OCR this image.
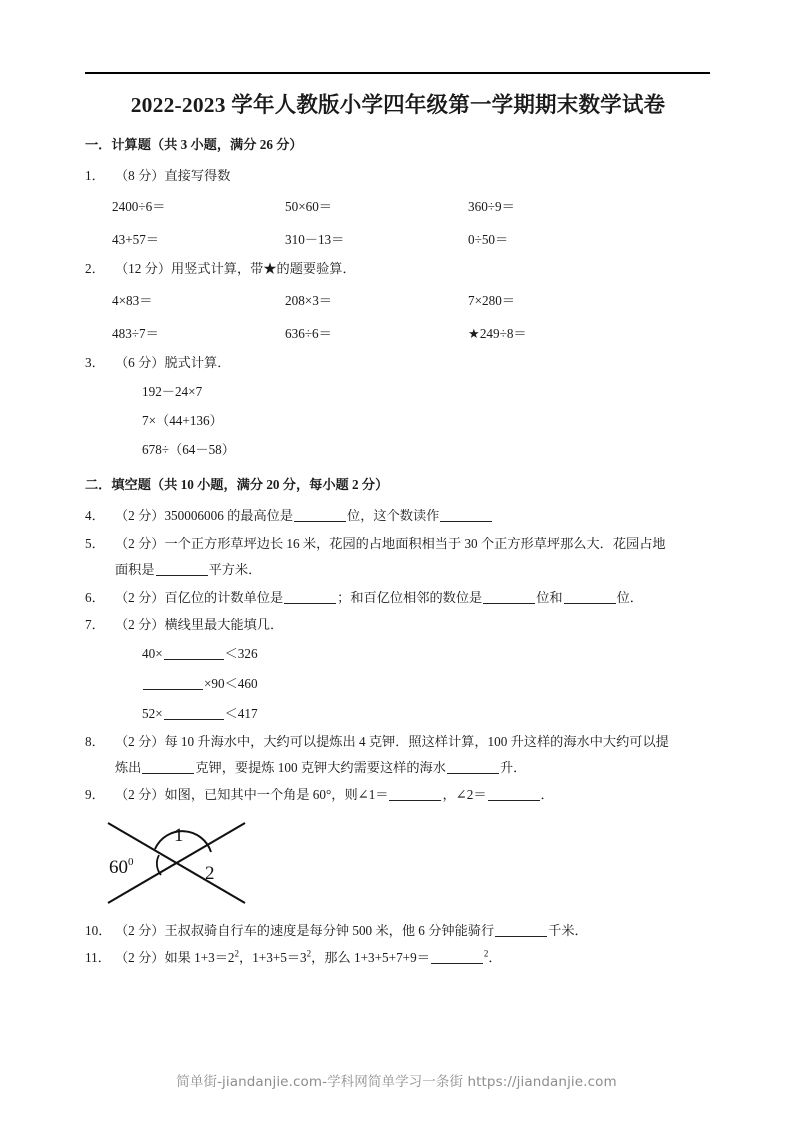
2022-2023 学年人教版小学四年级第一学期期末数学试卷
一．计算题（共 3 小题，满分 26 分）
1． （8 分）直接写得数
2400÷6＝	50×60＝	360÷9＝
43+57＝	310－13＝	0÷50＝
2． （12 分）用竖式计算，带★的题要验算．
4×83＝	208×3＝	7×280＝
483÷7＝	636÷6＝	★249÷8＝
3． （6 分）脱式计算．
192－24×7
7×（44+136）
678÷（64－58）
二．填空题（共 10 小题，满分 20 分，每小题 2 分）
4． （2 分）350006006 的最高位是	位，这个数读作
5． （2 分）一个正方形草坪边长 16 米，花园的占地面积相当于 30 个正方形草坪那么大．花园占地
面积是	平方米．
6． （2 分）百亿位的计数单位是	；和百亿位相邻的数位是	位和	位．
7． （2 分）横线里最大能填几．
40×	＜326
×90＜460
52×	＜417
8． （2 分）每 10 升海水中，大约可以提炼出 4 克钾．照这样计算，100 升这样的海水中大约可以提
炼出	克钾，要提炼 100 克钾大约需要这样的海水	升．
9． （2 分）如图，已知其中一个角是 60°，则∠1＝	，∠2＝	．
$60^0$
1
2
10． （2 分）王叔叔骑自行车的速度是每分钟 500 米，他 6 分钟能骑行	千米．
11． （2 分）如果 $1+3=2^2$，$1+3+5=3^2$，那么 1+3+5+7+9＝	$^2$．
简单街-jiandanjie.com-学科网简单学习一条街 https://jiandanjie.com
